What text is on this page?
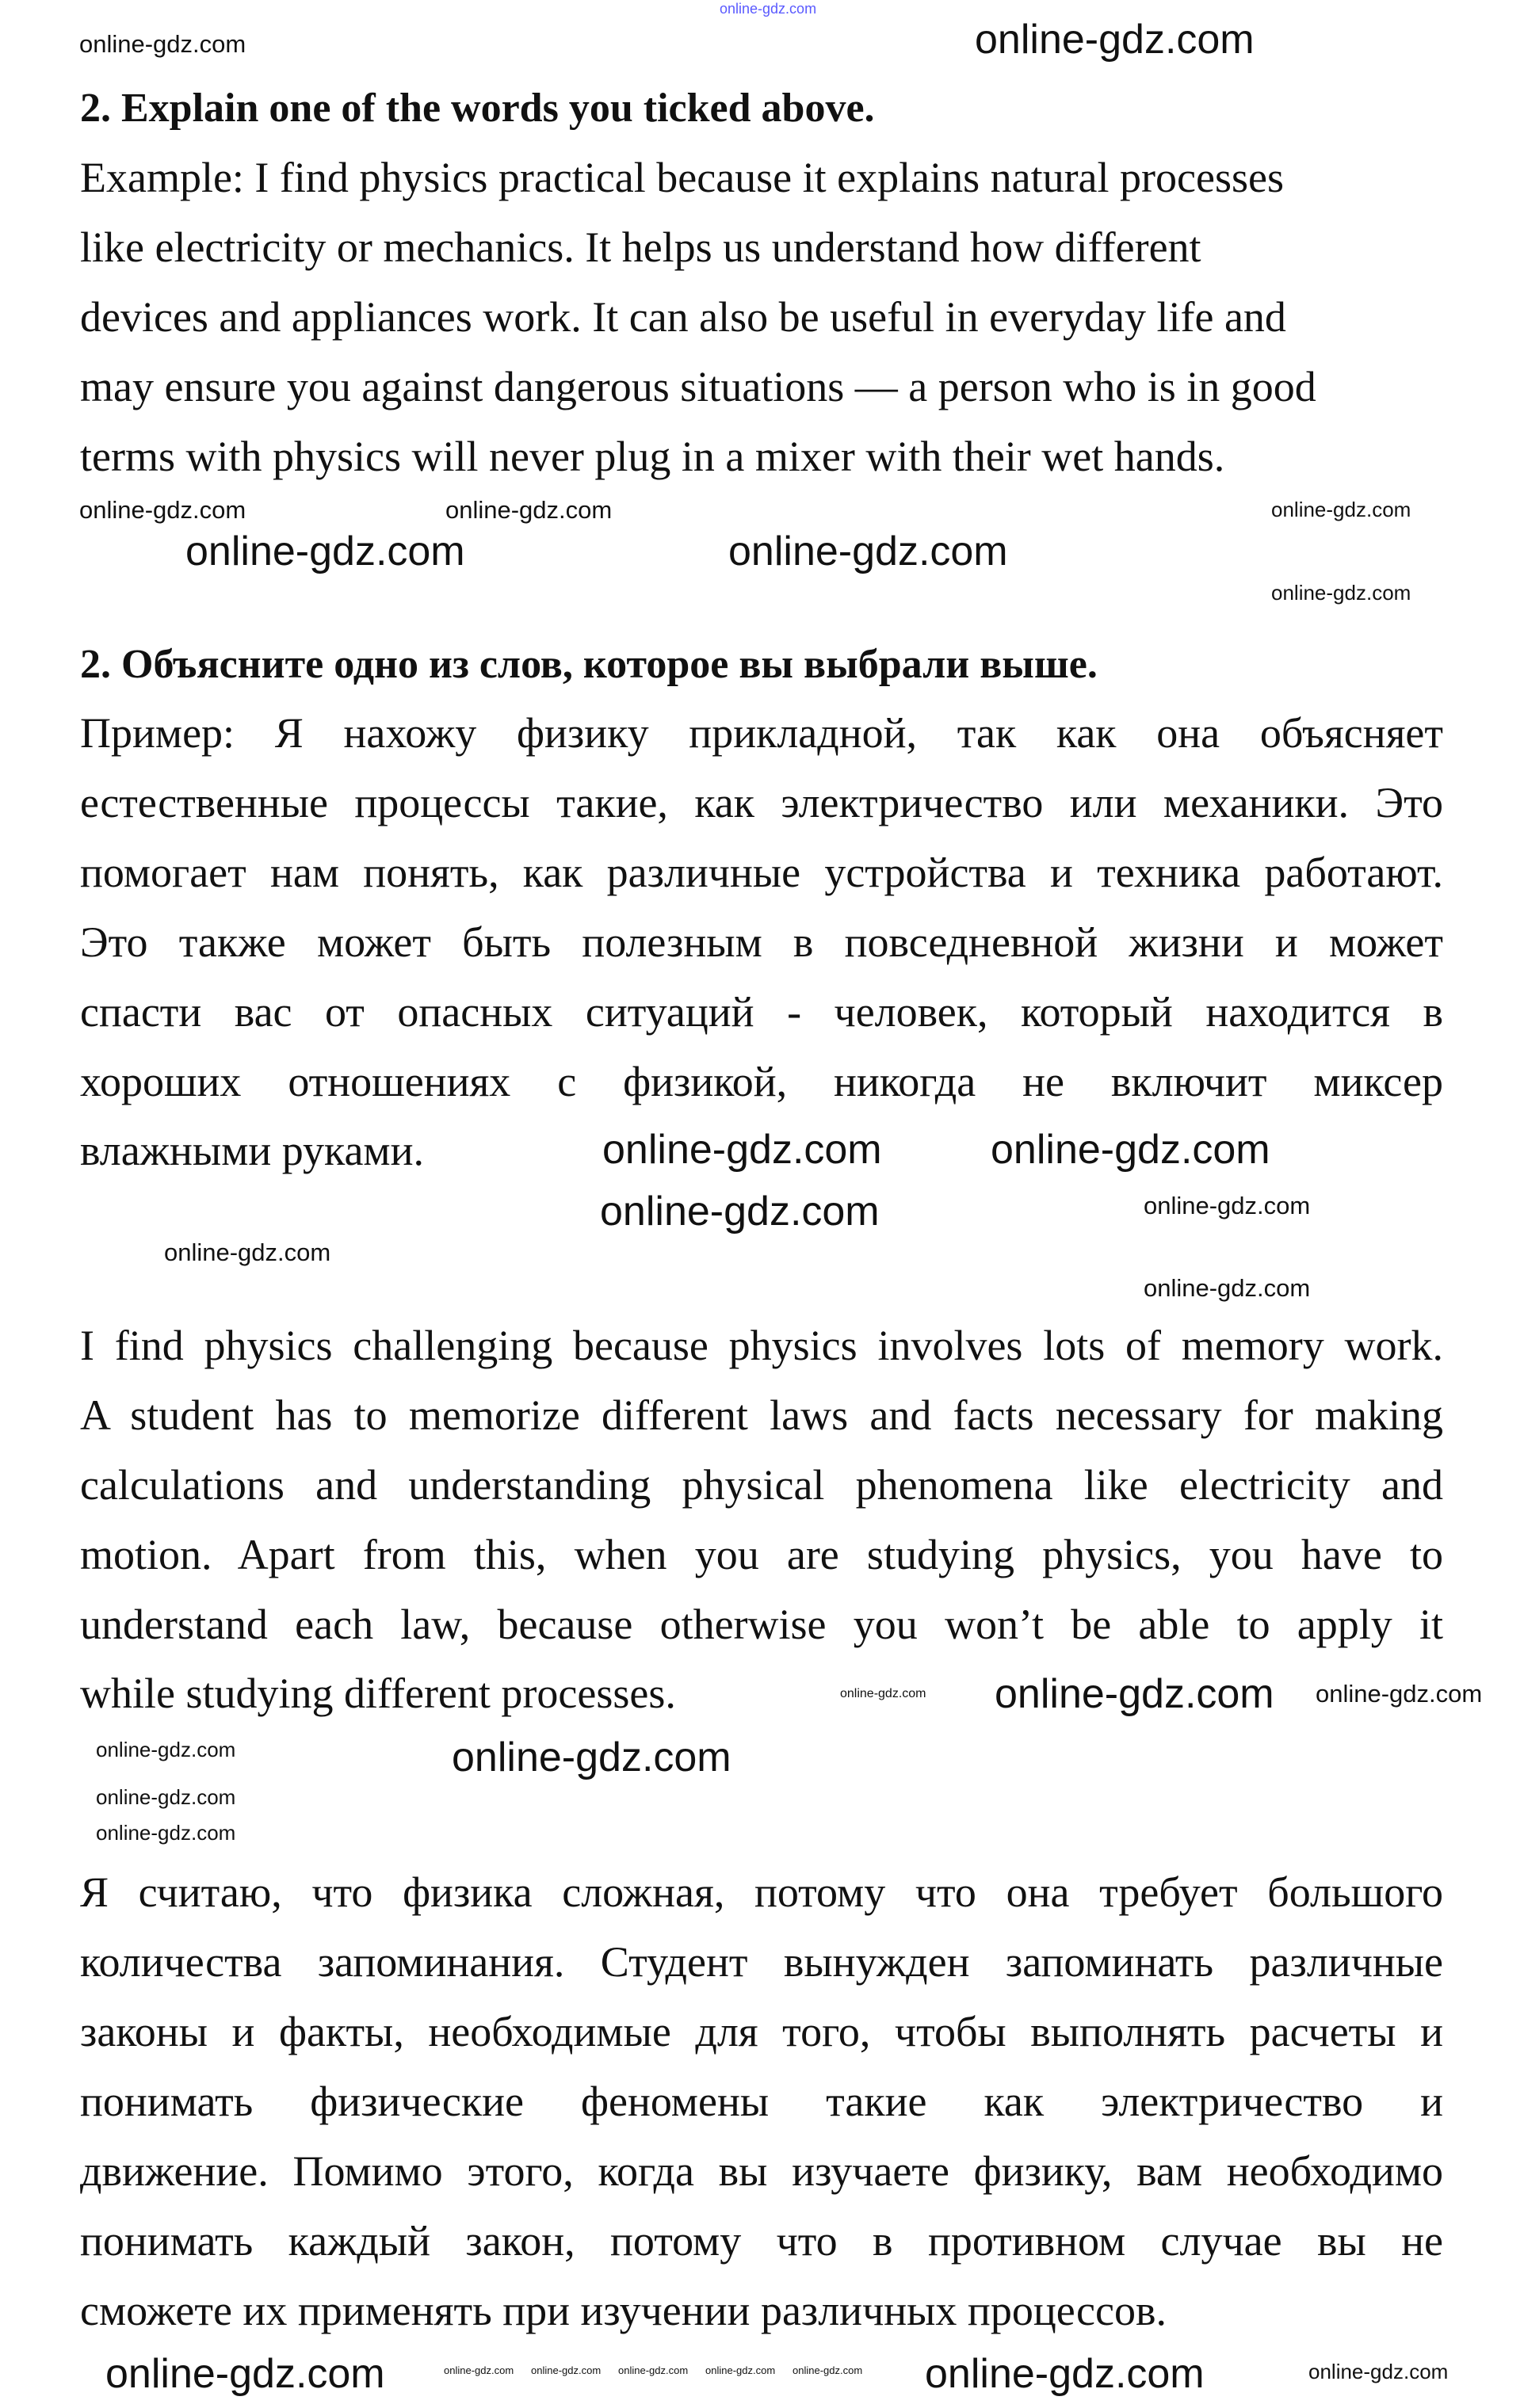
2. Explain one of the words you ticked above.
Example: I find physics practical because it explains natural processes
like electricity or mechanics. It helps us understand how different
devices and appliances work. It can also be useful in everyday life and
may ensure you against dangerous situations — a person who is in good
terms with physics will never plug in a mixer with their wet hands.
2. Объясните одно из слов, которое вы выбрали выше.
Пример: Я нахожу физику прикладной, так как она объясняет
естественные процессы такие, как электричество или механики. Это
помогает нам понять, как различные устройства и техника работают.
Это также может быть полезным в повседневной жизни и может
спасти вас от опасных ситуаций - человек, который находится в
хороших отношениях с физикой, никогда не включит миксер
влажными руками.
I find physics challenging because physics involves lots of memory work.
A student has to memorize different laws and facts necessary for making
calculations and understanding physical phenomena like electricity and
motion. Apart from this, when you are studying physics, you have to
understand each law, because otherwise you won’t be able to apply it
while studying different processes.
Я считаю, что физика сложная, потому что она требует большого
количества запоминания. Студент вынужден запоминать различные
законы и факты, необходимые для того, чтобы выполнять расчеты и
понимать физические феномены такие как электричество и
движение. Помимо этого, когда вы изучаете физику, вам необходимо
понимать каждый закон, потому что в противном случае вы не
сможете их применять при изучении различных процессов.
online-gdz.com
online-gdz.com
online-gdz.com
online-gdz.com	online-gdz.com	online-gdz.com
online-gdz.com
online-gdz.com
online-gdz.com
online-gdz.com	online-gdz.com
online-gdz.com	online-gdz.com
online-gdz.com
online-gdz.com
online-gdz.com online-gdz.com online-gdz.com
online-gdz.com	online-gdz.com
online-gdz.com
online-gdz.com
online-gdz.com	online-gdz.com online-gdz.com online-gdz.com online-gdz.com online-gdz.com online-gdz.com	online-gdz.com
